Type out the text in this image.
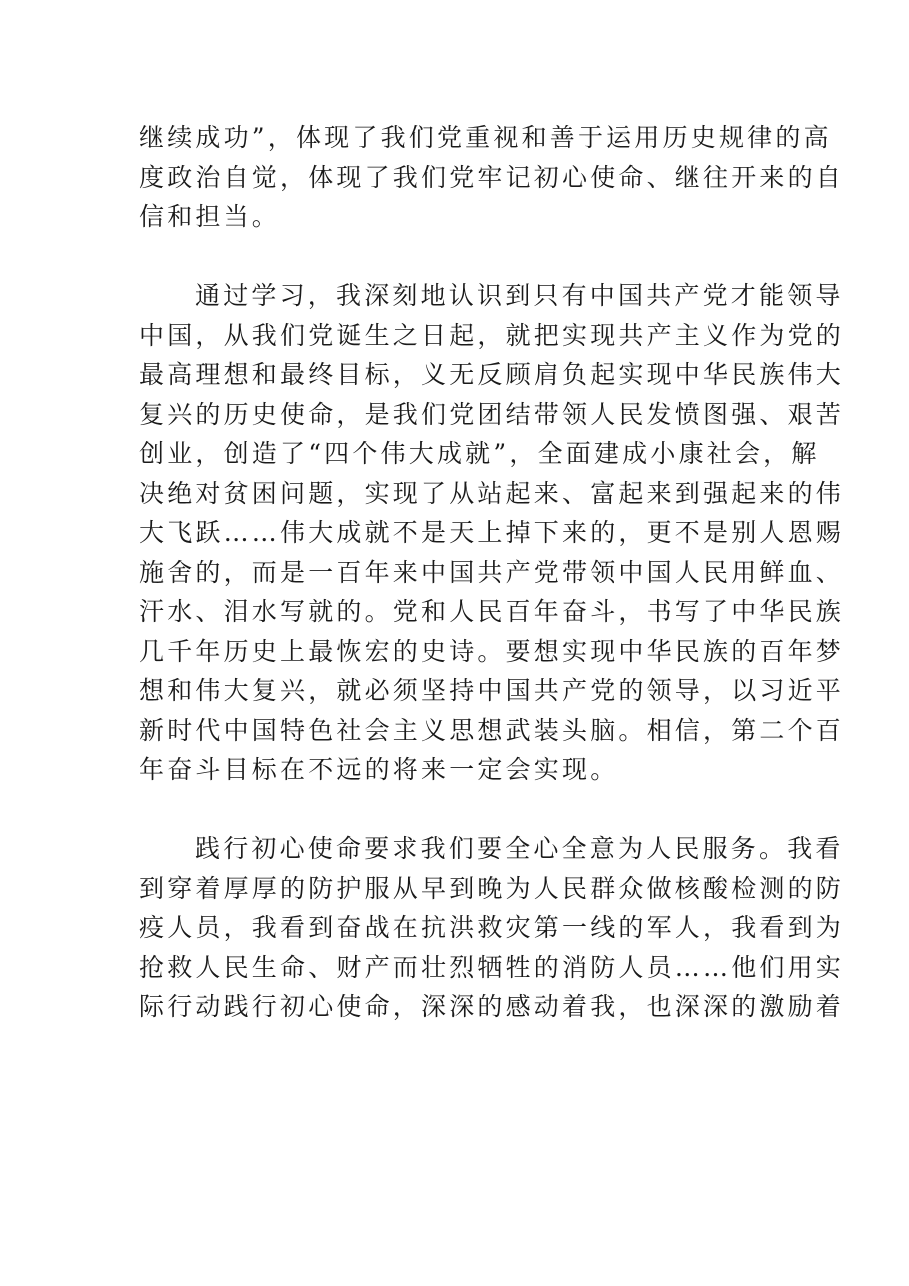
继续成功”，体现了我们党重视和善于运用历史规律的高
度政治自觉，体现了我们党牢记初心使命、继往开来的自
信和担当。
通过学习，我深刻地认识到只有中国共产党才能领导
中国，从我们党诞生之日起，就把实现共产主义作为党的
最高理想和最终目标，义无反顾肩负起实现中华民族伟大
复兴的历史使命，是我们党团结带领人民发愤图强、艰苦
创业，创造了“四个伟大成就”，全面建成小康社会，解
决绝对贫困问题，实现了从站起来、富起来到强起来的伟
大飞跃……伟大成就不是天上掉下来的，更不是别人恩赐
施舍的，而是一百年来中国共产党带领中国人民用鲜血、
汗水、泪水写就的。党和人民百年奋斗，书写了中华民族
几千年历史上最恢宏的史诗。要想实现中华民族的百年梦
想和伟大复兴，就必须坚持中国共产党的领导，以习近平
新时代中国特色社会主义思想武装头脑。相信，第二个百
年奋斗目标在不远的将来一定会实现。
践行初心使命要求我们要全心全意为人民服务。我看
到穿着厚厚的防护服从早到晚为人民群众做核酸检测的防
疫人员，我看到奋战在抗洪救灾第一线的军人，我看到为
抢救人民生命、财产而壮烈牺牲的消防人员……他们用实
际行动践行初心使命，深深的感动着我，也深深的激励着
